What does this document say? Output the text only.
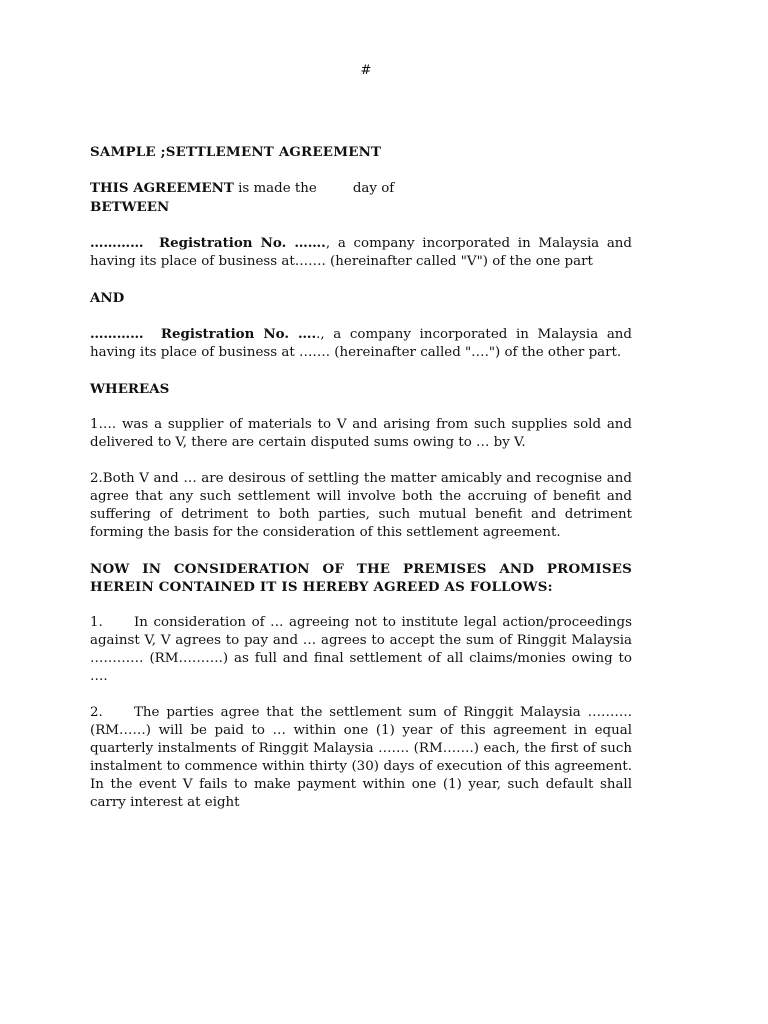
#

SAMPLE ;SETTLEMENT AGREEMENT

THIS AGREEMENT is made the	day of

BETWEEN

………… Registration No. ……., a company incorporated in Malaysia and having its place of business at……. (hereinafter called "V") of the one part

AND

………… Registration No. ….., a company incorporated in Malaysia and having its place of business at ……. (hereinafter called "….") of the other part.

WHEREAS

1…. was a supplier of materials to V and arising from such supplies sold and delivered to V, there are certain disputed sums owing to … by V.

2.Both V and … are desirous of settling the matter amicably and recognise and agree that any such settlement will involve both the accruing of benefit and suffering of detriment to both parties, such mutual benefit and detriment forming the basis for the consideration of this settlement agreement.

NOW IN CONSIDERATION OF THE PREMISES AND PROMISES HEREIN CONTAINED IT IS HEREBY AGREED AS FOLLOWS:

1. In consideration of … agreeing not to institute legal action/proceedings against V, V agrees to pay and … agrees to accept the sum of Ringgit Malaysia ………… (RM……….) as full and final settlement of all claims/monies owing to ….

2. The parties agree that the settlement sum of Ringgit Malaysia ………. (RM……) will be paid to … within one (1) year of this agreement in equal quarterly instalments of Ringgit Malaysia ……. (RM…….) each, the first of such instalment to commence within thirty (30) days of execution of this agreement. In the event V fails to make payment within one (1) year, such default shall carry interest at eight
